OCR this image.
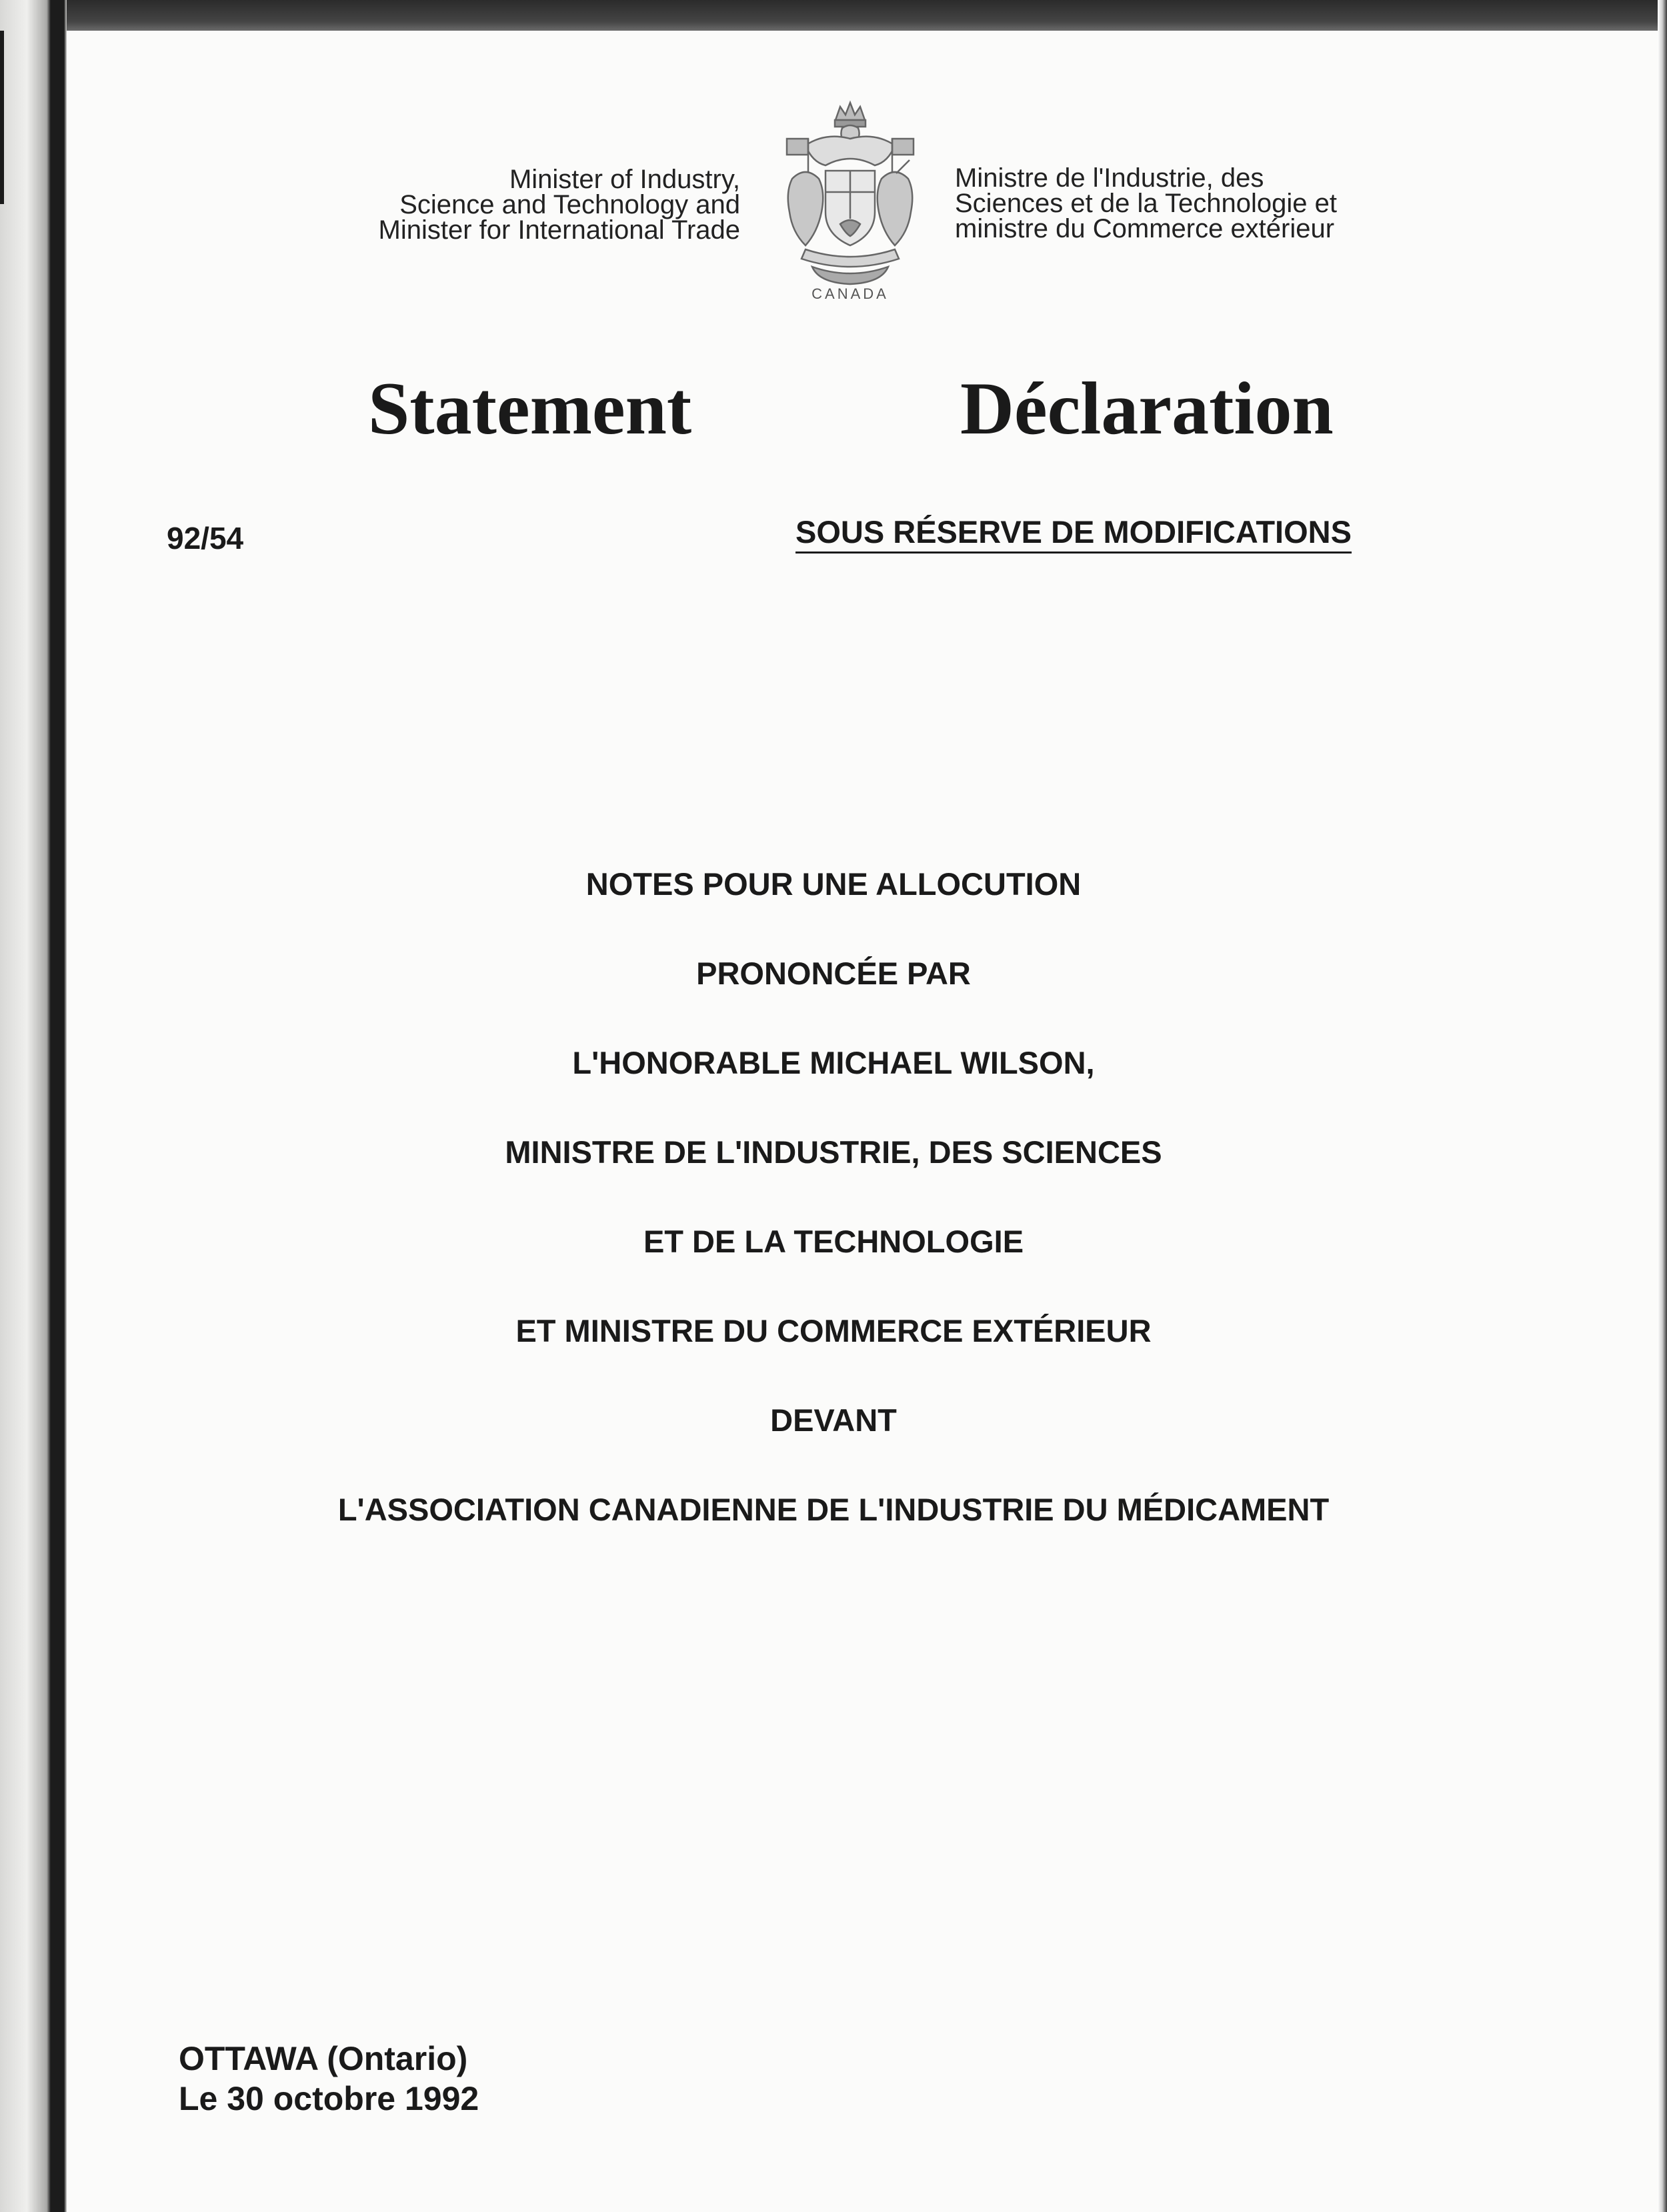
Minister of Industry,
Science and Technology and
Minister for International Trade
CANADA
Ministre de l'Industrie, des
Sciences et de la Technologie et
ministre du Commerce extérieur
Statement	Déclaration
92/54	SOUS RÉSERVE DE MODIFICATIONS
NOTES POUR UNE ALLOCUTION
PRONONCÉE PAR
L'HONORABLE MICHAEL WILSON,
MINISTRE DE L'INDUSTRIE, DES SCIENCES
ET DE LA TECHNOLOGIE
ET MINISTRE DU COMMERCE EXTÉRIEUR
DEVANT
L'ASSOCIATION CANADIENNE DE L'INDUSTRIE DU MÉDICAMENT
OTTAWA (Ontario)
Le 30 octobre 1992
